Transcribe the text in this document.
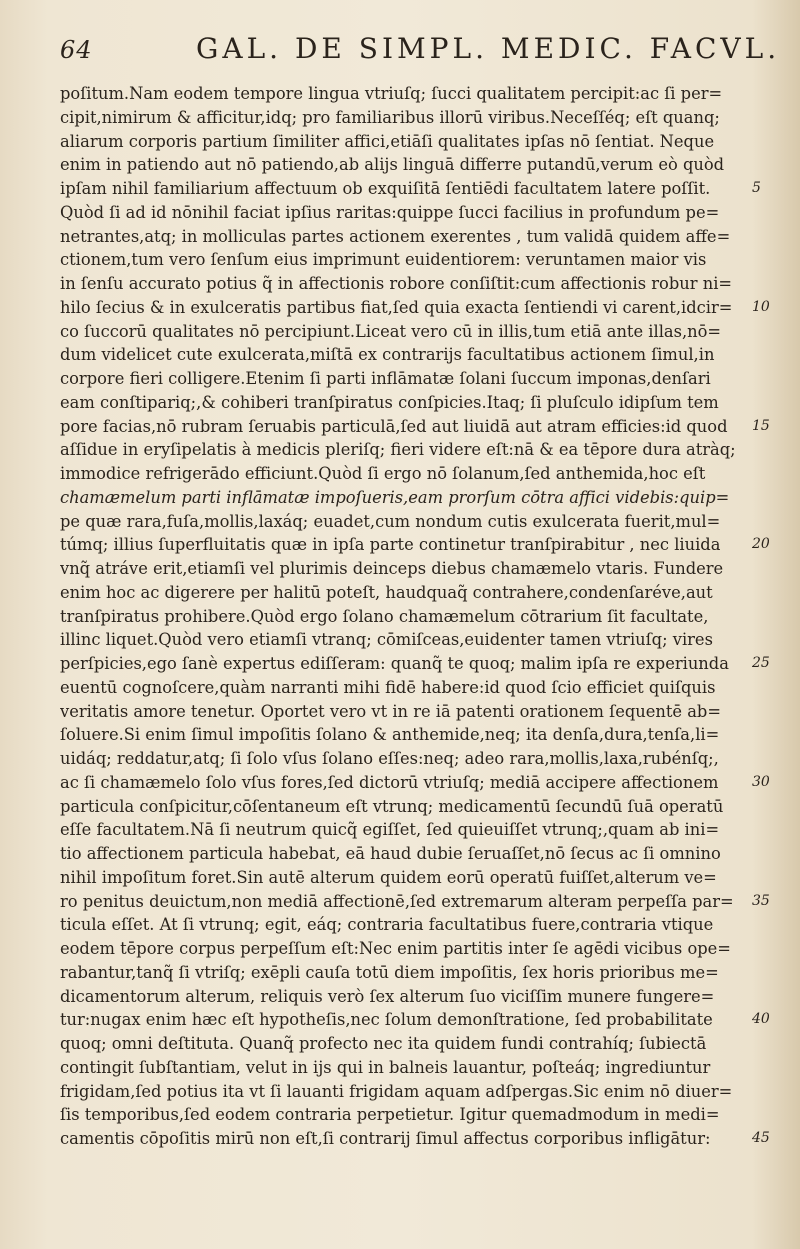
64	GAL. DE SIMPL. MEDIC. FACVL.
poſitum.Nam eodem tempore lingua vtriuſq; ſucci qualitatem percipit:ac ſi per=
cipit,nimirum & afficitur,idq; pro familiaribus illorū viribus.Neceſſéq; eſt quanq;
aliarum corporis partium ſimiliter affici,etiāſi qualitates ipſas nō ſentiat. Neque
enim in patiendo aut nō patiendo,ab alijs linguā differre putandū,verum eò quòd
ipſam nihil familiarium affectuum ob exquiſitā ſentiēdi facultatem latere poſſit.
Quòd ſi ad id nōnihil faciat ipſius raritas:quippe ſucci facilius in profundum pe=
netrantes,atq; in molliculas partes actionem exerentes , tum validā quidem affe=
ctionem,tum vero ſenſum eius imprimunt euidentiorem: veruntamen maior vis
in ſenſu accurato potius q̃ in affectionis robore conſiſtit:cum affectionis robur ni=
hilo ſecius & in exulceratis partibus fiat,ſed quia exacta ſentiendi vi carent,idcir=
co ſuccorū qualitates nō percipiunt.Liceat vero cū in illis,tum etiā ante illas,nō=
dum videlicet cute exulcerata,miſtā ex contrarijs facultatibus actionem ſimul,in
corpore fieri colligere.Etenim ſi parti inflāmatæ ſolani ſuccum imponas,denſari
eam conſtipariq;,& cohiberi tranſpiratus conſpicies.Itaq; ſi pluſculo idipſum tem
pore facias,nō rubram ſeruabis particulā,ſed aut liuidā aut atram efficies:id quod
aſſidue in eryſipelatis à medicis pleriſq; fieri videre eſt:nā & ea tēpore dura atràq;
immodice refrigerādo efficiunt.Quòd ſi ergo nō ſolanum,ſed anthemida,hoc eſt
chamæmelum parti inflāmatæ impoſueris,eam prorſum cōtra affici videbis:quip=
pe quæ rara,fuſa,mollis,laxáq; euadet,cum nondum cutis exulcerata fuerit,mul=
túmq; illius ſuperfluitatis quæ in ipſa parte continetur tranſpirabitur , nec liuida
vnq̃ atráve erit,etiamſi vel plurimis deinceps diebus chamæmelo vtaris. Fundere
enim hoc ac digerere per halitū poteſt, haudquaq̃ contrahere,condenſaréve,aut
tranſpiratus prohibere.Quòd ergo ſolano chamæmelum cōtrarium ſit facultate,
illinc liquet.Quòd vero etiamſi vtranq; cōmiſceas,euidenter tamen vtriuſq; vires
perſpicies,ego ſanè expertus ediſſeram: quanq̃ te quoq; malim ipſa re experiunda
euentū cognoſcere,quàm narranti mihi fidē habere:id quod ſcio efficiet quiſquis
veritatis amore tenetur. Oportet vero vt in re iā patenti orationem ſequentē ab=
ſoluere.Si enim ſimul impoſitis ſolano & anthemide,neq; ita denſa,dura,tenſa,li=
uidáq; reddatur,atq; ſi ſolo vſus ſolano eſſes:neq; adeo rara,mollis,laxa,rubénſq;,
ac ſi chamæmelo ſolo vſus fores,ſed dictorū vtriuſq; mediā accipere affectionem
particula conſpicitur,cōſentaneum eſt vtrunq; medicamentū ſecundū ſuā operatū
eſſe facultatem.Nā ſi neutrum quicq̃ egiſſet, ſed quieuiſſet vtrunq;,quam ab ini=
tio affectionem particula habebat, eā haud dubie ſeruaſſet,nō ſecus ac ſi omnino
nihil impoſitum foret.Sin autē alterum quidem eorū operatū fuiſſet,alterum ve=
ro penitus deuictum,non mediā affectionē,ſed extremarum alteram perpeſſa par=
ticula eſſet. At ſi vtrunq; egit, eáq; contraria facultatibus fuere,contraria vtique
eodem tēpore corpus perpeſſum eſt:Nec enim partitis inter ſe agēdi vicibus ope=
rabantur,tanq̃ ſi vtriſq; exēpli cauſa totū diem impoſitis, ſex horis prioribus me=
dicamentorum alterum, reliquis verò ſex alterum ſuo viciſſim munere fungere=
tur:nugax enim hæc eſt hypotheſis,nec ſolum demonſtratione, ſed probabilitate
quoq; omni deſtituta. Quanq̃ profecto nec ita quidem fundi contrahíq; ſubiectā
contingit ſubſtantiam, velut in ijs qui in balneis lauantur, poſteáq; ingrediuntur
frigidam,ſed potius ita vt ſi lauanti frigidam aquam adſpergas.Sic enim nō diuer=
ſis temporibus,ſed eodem contraria perpetietur. Igitur quemadmodum in medi=
camentis cōpoſitis mirū non eſt,ſi contrarij ſimul affectus corporibus infligātur:
5
10
15
20
25
30
35
40
45
